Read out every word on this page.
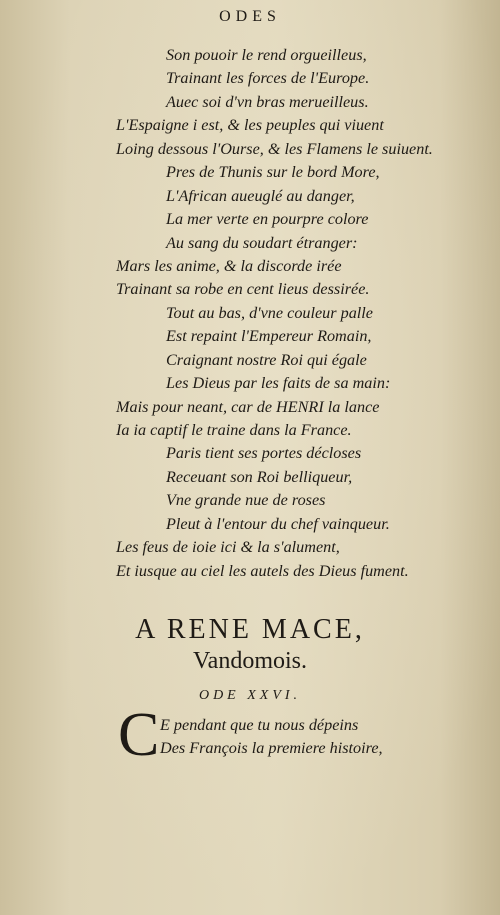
ODES
Son pouoir le rend orgueilleus,
Trainant les forces de l'Europe.
Auec soi d'vn bras merueilleus.
L'Espaigne i est, & les peuples qui viuent
Loing dessous l'Ourse, & les Flamens le suiuent.
Pres de Thunis sur le bord More,
L'African aueuglé au danger,
La mer verte en pourpre colore
Au sang du soudart étranger:
Mars les anime, & la discorde irée
Trainant sa robe en cent lieus dessirée.
Tout au bas, d'vne couleur palle
Est repaint l'Empereur Romain,
Craignant nostre Roi qui égale
Les Dieus par les faits de sa main:
Mais pour neant, car de HENRI la lance
Ia ia captif le traine dans la France.
Paris tient ses portes décloses
Receuant son Roi belliqueur,
Vne grande nue de roses
Pleut à l'entour du chef vainqueur.
Les feus de ioie ici & la s'alument,
Et iusque au ciel les autels des Dieus fument.
A RENE MACE,
Vandomois.
ODE XXVI.
C E pendant que tu nous dépeins
Des François la premiere histoire,
